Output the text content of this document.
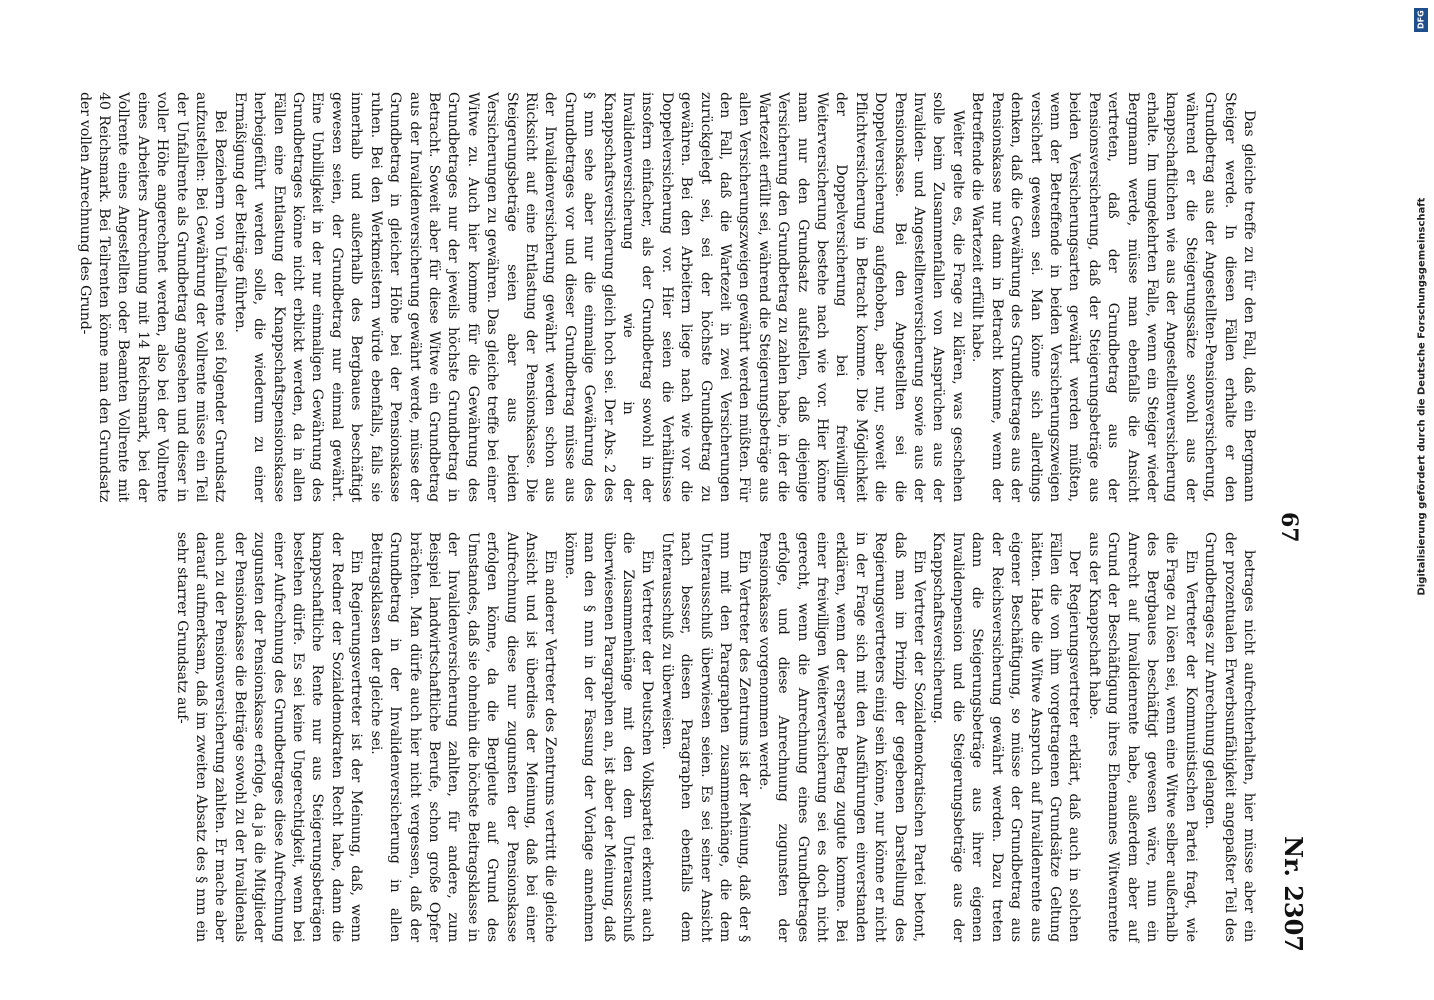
67
Nr. 2307

Das gleiche treffe zu für den Fall, daß ein Bergmann Steiger werde. In diesen Fällen erhalte er den Grundbetrag aus der Angestellten-Pensionsversicherung, während er die Steigerungssätze sowohl aus der knappschaftlichen wie aus der Angestelltenversicherung erhalte. Im umgekehrten Falle, wenn ein Steiger wieder Bergmann werde, müsse man ebenfalls die Ansicht vertreten, daß der Grundbetrag aus der Pensionsversicherung, daß der Steigerungsbeträge aus beiden Versicherungsarten gewährt werden müßten, wenn der Betreffende in beiden Versicherungszweigen versichert gewesen sei. Man könne sich allerdings denken, daß die Gewährung des Grundbetrages aus der Pensionskasse nur dann in Betracht komme, wenn der Betreffende die Wartezeit erfüllt habe.

Weiter gelte es, die Frage zu klären, was geschehen solle beim Zusammenfallen von Ansprüchen aus der Invaliden- und Angestelltenversicherung sowie aus der Pensionskasse. Bei den Angestellten sei die Doppelversicherung aufgehoben, aber nur, soweit die Pflichtversicherung in Betracht komme. Die Möglichkeit der Doppelversicherung bei freiwilliger Weiterversicherung bestehe nach wie vor. Hier könne man nur den Grundsatz aufstellen, daß diejenige Versicherung den Grundbetrag zu zahlen habe, in der die Wartezeit erfüllt sei, während die Steigerungsbeträge aus allen Versicherungszweigen gewährt werden müßten. Für den Fall, daß die Wartezeit in zwei Versicherungen zurückgelegt sei, sei der höchste Grundbetrag zu gewähren. Bei den Arbeitern liege nach wie vor die Doppelversicherung vor. Hier seien die Verhältnisse insofern einfacher, als der Grundbetrag sowohl in der Invalidenversicherung wie in der Knappschaftsversicherung gleich hoch sei. Der Abs. 2 des § nnn sehe aber nur die einmalige Gewährung des Grundbetrages vor und dieser Grundbetrag müsse aus der Invalidenversicherung gewährt werden schon aus Rücksicht auf eine Entlastung der Pensionskasse. Die Steigerungsbeträge seien aber aus beiden Versicherungen zu gewähren. Das gleiche treffe bei einer Witwe zu. Auch hier komme für die Gewährung des Grundbetrages nur der jeweils höchste Grundbetrag in Betracht. Soweit aber für diese Witwe ein Grundbetrag aus der Invalidenversicherung gewährt werde, müsse der Grundbetrag in gleicher Höhe bei der Pensionskasse ruhen. Bei den Werkmeistern würde ebenfalls, falls sie innerhalb und außerhalb des Bergbaues beschäftigt gewesen seien, der Grundbetrag nur einmal gewährt. Eine Unbilligkeit in der nur einmaligen Gewährung des Grundbetrages könne nicht erblickt werden, da in allen Fällen eine Entlastung der Knappschaftspensionskasse herbeigeführt werden solle, die wiederum zu einer Ermäßigung der Beiträge führten.

Bei Beziehern von Unfallrente sei folgender Grundsatz aufzustellen: Bei Gewährung der Vollrente müsse ein Teil der Unfallrente als Grundbetrag angesehen und dieser in voller Höhe angerechnet werden, also bei der Vollrente eines Arbeiters Anrechnung mit 14 Reichsmark, bei der Vollrente eines Angestellten oder Beamten Vollrente mit 40 Reichsmark. Bei Teilrenten könne man den Grundsatz der vollen Anrechnung des Grund-

betrages nicht aufrechterhalten, hier müsse aber ein der prozentualen Erwerbsunfähigkeit angepaßter Teil des Grundbetrages zur Anrechnung gelangen.

Ein Vertreter der Kommunistischen Partei fragt, wie die Frage zu lösen sei, wenn eine Witwe selber außerhalb des Bergbaues beschäftigt gewesen wäre, nun ein Anrecht auf Invalidenrente habe, außerdem aber auf Grund der Beschäftigung ihres Ehemannes Witwenrente aus der Knappschaft habe.

Der Regierungsvertreter erklärt, daß auch in solchen Fällen die von ihm vorgetragenen Grundsätze Geltung hätten. Habe die Witwe Anspruch auf Invalidenrente aus eigener Beschäftigung, so müsse der Grundbetrag aus der Reichsversicherung gewährt werden. Dazu treten dann die Steigerungsbeträge aus ihrer eigenen Invalidenpension und die Steigerungsbeträge aus der Knappschaftsversicherung.

Ein Vertreter der Sozialdemokratischen Partei betont, daß man im Prinzip der gegebenen Darstellung des Regierungsvertreters einig sein könne, nur könne er nicht in der Frage sich mit den Ausführungen einverstanden erklären, wenn der ersparte Betrag zugute komme. Bei einer freiwilligen Weiterversicherung sei es doch nicht gerecht, wenn die Anrechnung eines Grundbetrages erfolge, und diese Anrechnung zugunsten der Pensionskasse vorgenommen werde.

Ein Vertreter des Zentrums ist der Meinung, daß der § nnn mit den Paragraphen zusammenhänge, die dem Unterausschuß überwiesen seien. Es sei seiner Ansicht nach besser, diesen Paragraphen ebenfalls dem Unterausschuß zu überweisen.

Ein Vertreter der Deutschen Volkspartei erkennt auch die Zusammenhänge mit den dem Unterausschuß überwiesenen Paragraphen an, ist aber der Meinung, daß man den § nnn in der Fassung der Vorlage annehmen könne.

Ein anderer Vertreter des Zentrums vertritt die gleiche Ansicht und ist überdies der Meinung, daß bei einer Aufrechnung diese nur zugunsten der Pensionskasse erfolgen könne, da die Bergleute auf Grund des Umstandes, daß sie ohnehin die höchste Beitragsklasse in der Invalidenversicherung zahlten, für andere, zum Beispiel landwirtschaftliche Berufe, schon große Opfer brächten. Man dürfe auch hier nicht vergessen, daß der Grundbetrag in der Invalidenversicherung in allen Beitragsklassen der gleiche sei.

Ein Regierungsvertreter ist der Meinung, daß, wenn der Redner der Sozialdemokraten Recht habe, dann die knappschaftliche Rente nur aus Steigerungsbeträgen bestehen dürfe. Es sei keine Ungerechtigkeit, wenn bei einer Aufrechnung des Grundbetrages diese Aufrechnung zugunsten der Pensionskasse erfolge, da ja die Mitglieder der Pensionskasse die Beiträge sowohl zu der Invalidenals auch zu der Pensionsversicherung zahlten. Er mache aber darauf aufmerksam, daß im zweiten Absatz des § nnn ein sehr starrer Grundsatz auf-

DFG
Digitalisierung gefördert durch die Deutsche Forschungsgemeinschaft
